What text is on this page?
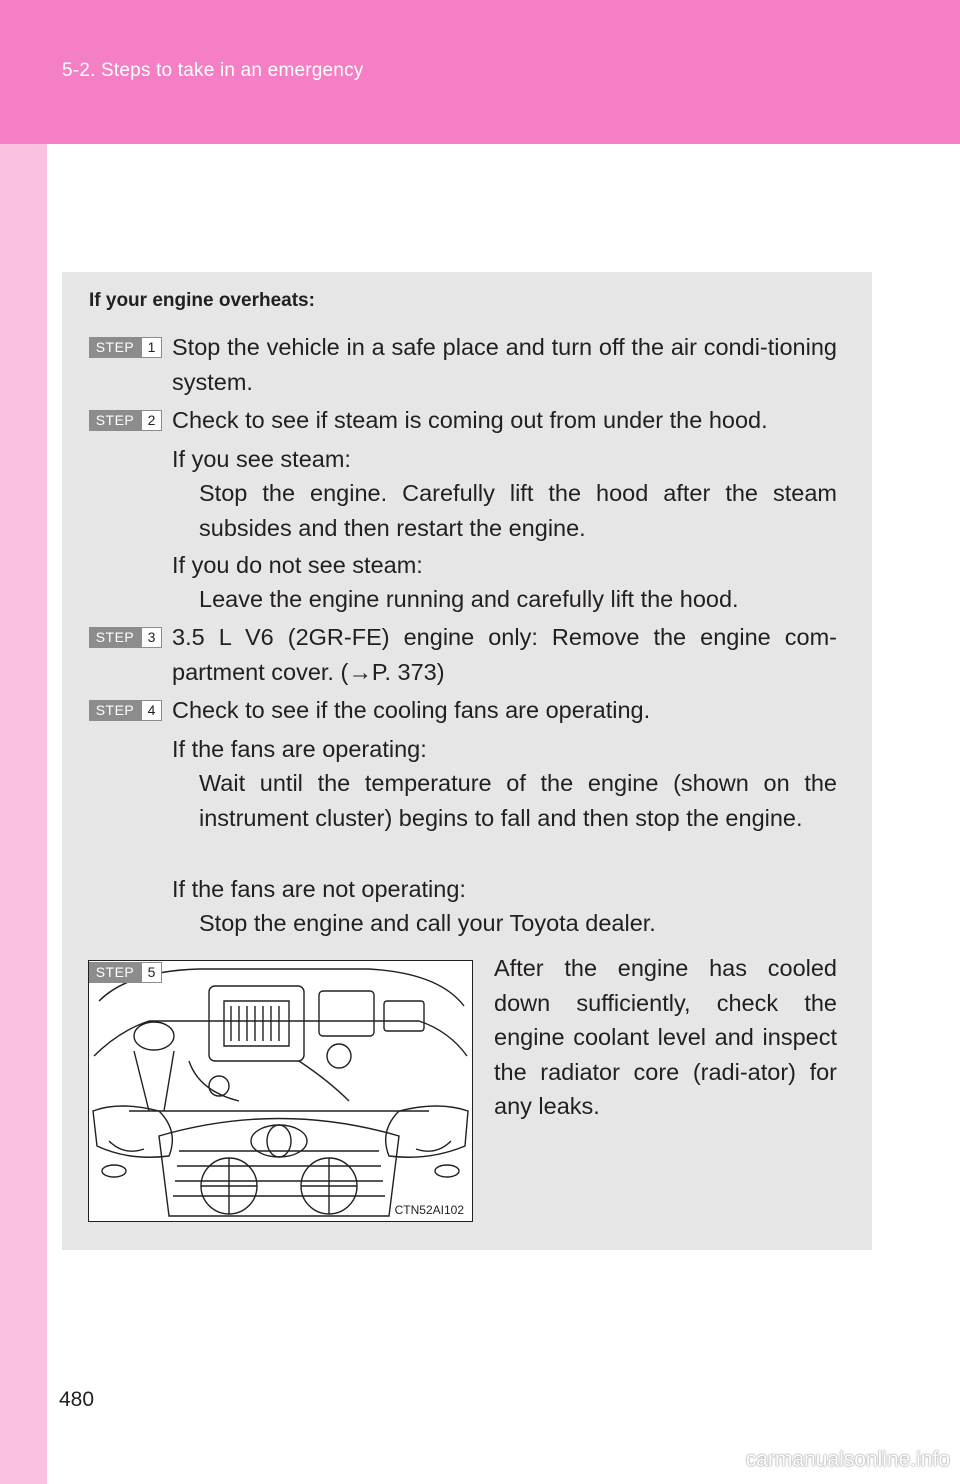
5-2. Steps to take in an emergency
If your engine overheats:
STEP 1 Stop the vehicle in a safe place and turn off the air condi-tioning system.
STEP 2 Check to see if steam is coming out from under the hood.
If you see steam:
Stop the engine. Carefully lift the hood after the steam subsides and then restart the engine.
If you do not see steam:
Leave the engine running and carefully lift the hood.
STEP 3 3.5 L V6 (2GR-FE) engine only: Remove the engine com-partment cover. (→P. 373)
STEP 4 Check to see if the cooling fans are operating.
If the fans are operating:
Wait until the temperature of the engine (shown on the instrument cluster) begins to fall and then stop the engine.
If the fans are not operating:
Stop the engine and call your Toyota dealer.
CTN52AI102
STEP 5	After the engine has cooled down sufficiently, check the engine coolant level and inspect the radiator core (radi-ator) for any leaks.
480
carmanualsonline.info
